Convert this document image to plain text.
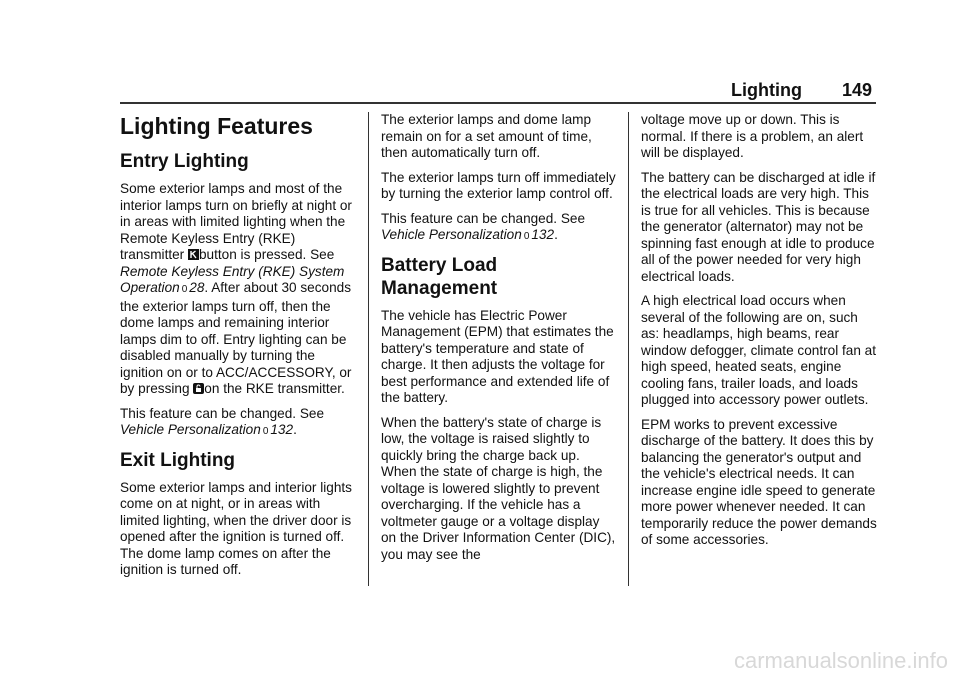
Lighting 149
Lighting Features
Entry Lighting

Some exterior lamps and most of the interior lamps turn on briefly at night or in areas with limited lighting when the Remote Keyless Entry (RKE) transmitter button is pressed. See Remote Keyless Entry (RKE) System Operation 0 28. After about 30 seconds the exterior lamps turn off, then the dome lamps and remaining interior lamps dim to off. Entry lighting can be disabled manually by turning the ignition on or to ACC/ACCESSORY, or by pressing on the RKE transmitter.

This feature can be changed. See Vehicle Personalization 0 132.

Exit Lighting

Some exterior lamps and interior lights come on at night, or in areas with limited lighting, when the driver door is opened after the ignition is turned off. The dome lamp comes on after the ignition is turned off.

The exterior lamps and dome lamp remain on for a set amount of time, then automatically turn off.

The exterior lamps turn off immediately by turning the exterior lamp control off.

This feature can be changed. See Vehicle Personalization 0 132.

Battery Load Management

The vehicle has Electric Power Management (EPM) that estimates the battery's temperature and state of charge. It then adjusts the voltage for best performance and extended life of the battery.

When the battery's state of charge is low, the voltage is raised slightly to quickly bring the charge back up. When the state of charge is high, the voltage is lowered slightly to prevent overcharging. If the vehicle has a voltmeter gauge or a voltage display on the Driver Information Center (DIC), you may see the

voltage move up or down. This is normal. If there is a problem, an alert will be displayed.

The battery can be discharged at idle if the electrical loads are very high. This is true for all vehicles. This is because the generator (alternator) may not be spinning fast enough at idle to produce all of the power needed for very high electrical loads.

A high electrical load occurs when several of the following are on, such as: headlamps, high beams, rear window defogger, climate control fan at high speed, heated seats, engine cooling fans, trailer loads, and loads plugged into accessory power outlets.

EPM works to prevent excessive discharge of the battery. It does this by balancing the generator's output and the vehicle's electrical needs. It can increase engine idle speed to generate more power whenever needed. It can temporarily reduce the power demands of some accessories.

carmanualsonline.info
